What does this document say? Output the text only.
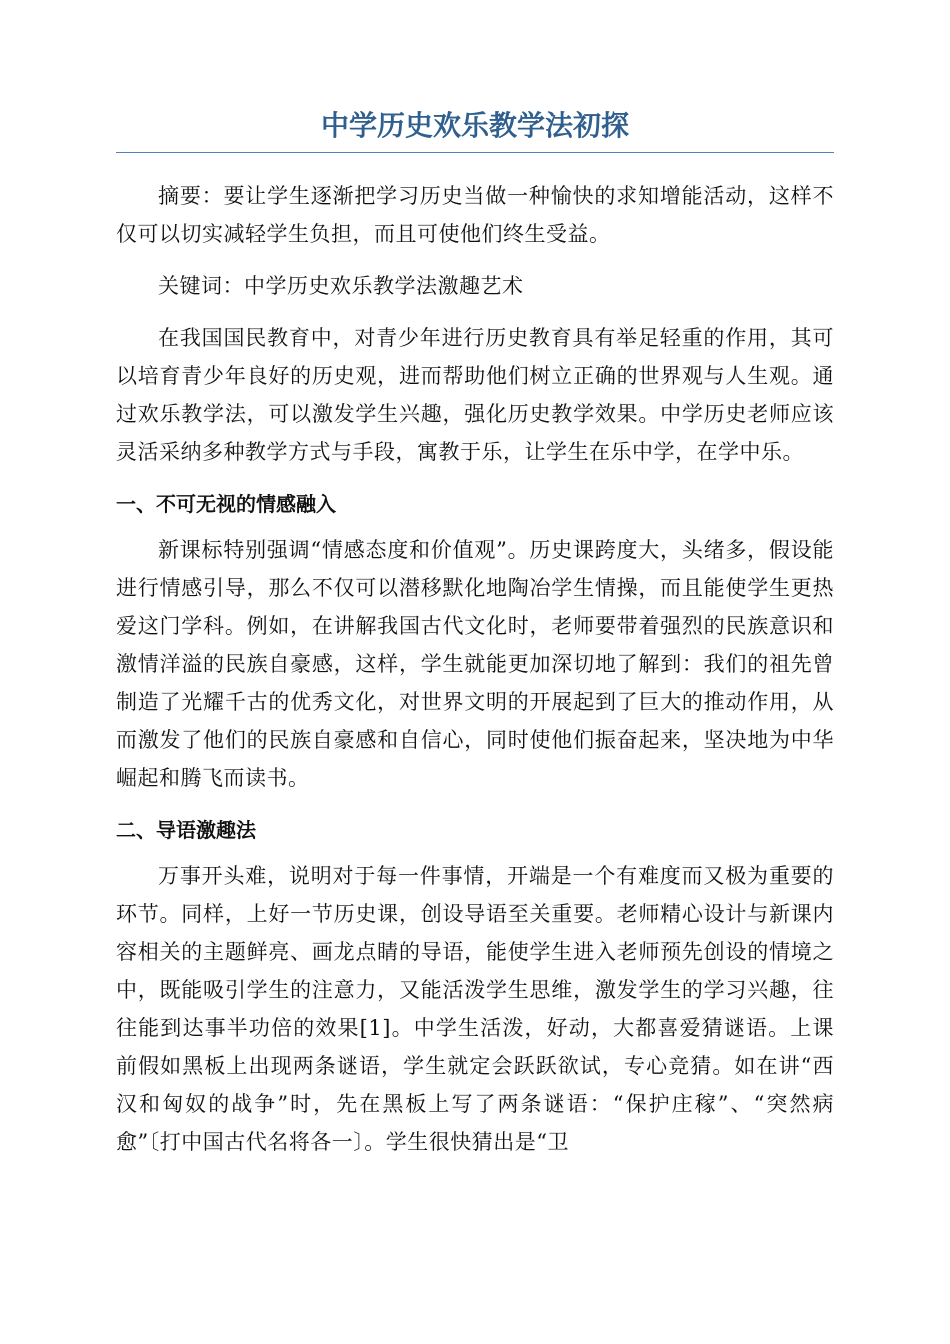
中学历史欢乐教学法初探

摘要：要让学生逐渐把学习历史当做一种愉快的求知增能活动，这样不仅可以切实减轻学生负担，而且可使他们终生受益。

关键词：中学历史欢乐教学法激趣艺术

在我国国民教育中，对青少年进行历史教育具有举足轻重的作用，其可以培育青少年良好的历史观，进而帮助他们树立正确的世界观与人生观。通过欢乐教学法，可以激发学生兴趣，强化历史教学效果。中学历史老师应该灵活采纳多种教学方式与手段，寓教于乐，让学生在乐中学，在学中乐。

一、不可无视的情感融入

新课标特别强调“情感态度和价值观”。历史课跨度大，头绪多，假设能进行情感引导，那么不仅可以潜移默化地陶冶学生情操，而且能使学生更热爱这门学科。例如，在讲解我国古代文化时，老师要带着强烈的民族意识和激情洋溢的民族自豪感，这样，学生就能更加深切地了解到：我们的祖先曾制造了光耀千古的优秀文化，对世界文明的开展起到了巨大的推动作用，从而激发了他们的民族自豪感和自信心，同时使他们振奋起来，坚决地为中华崛起和腾飞而读书。

二、导语激趣法

万事开头难，说明对于每一件事情，开端是一个有难度而又极为重要的环节。同样，上好一节历史课，创设导语至关重要。老师精心设计与新课内容相关的主题鲜亮、画龙点睛的导语，能使学生进入老师预先创设的情境之中，既能吸引学生的注意力，又能活泼学生思维，激发学生的学习兴趣，往往能到达事半功倍的效果[1]。中学生活泼，好动，大都喜爱猜谜语。上课前假如黑板上出现两条谜语，学生就定会跃跃欲试，专心竞猜。如在讲“西汉和匈奴的战争”时，先在黑板上写了两条谜语：“保护庄稼”、“突然病愈”〔打中国古代名将各一〕。学生很快猜出是“卫
